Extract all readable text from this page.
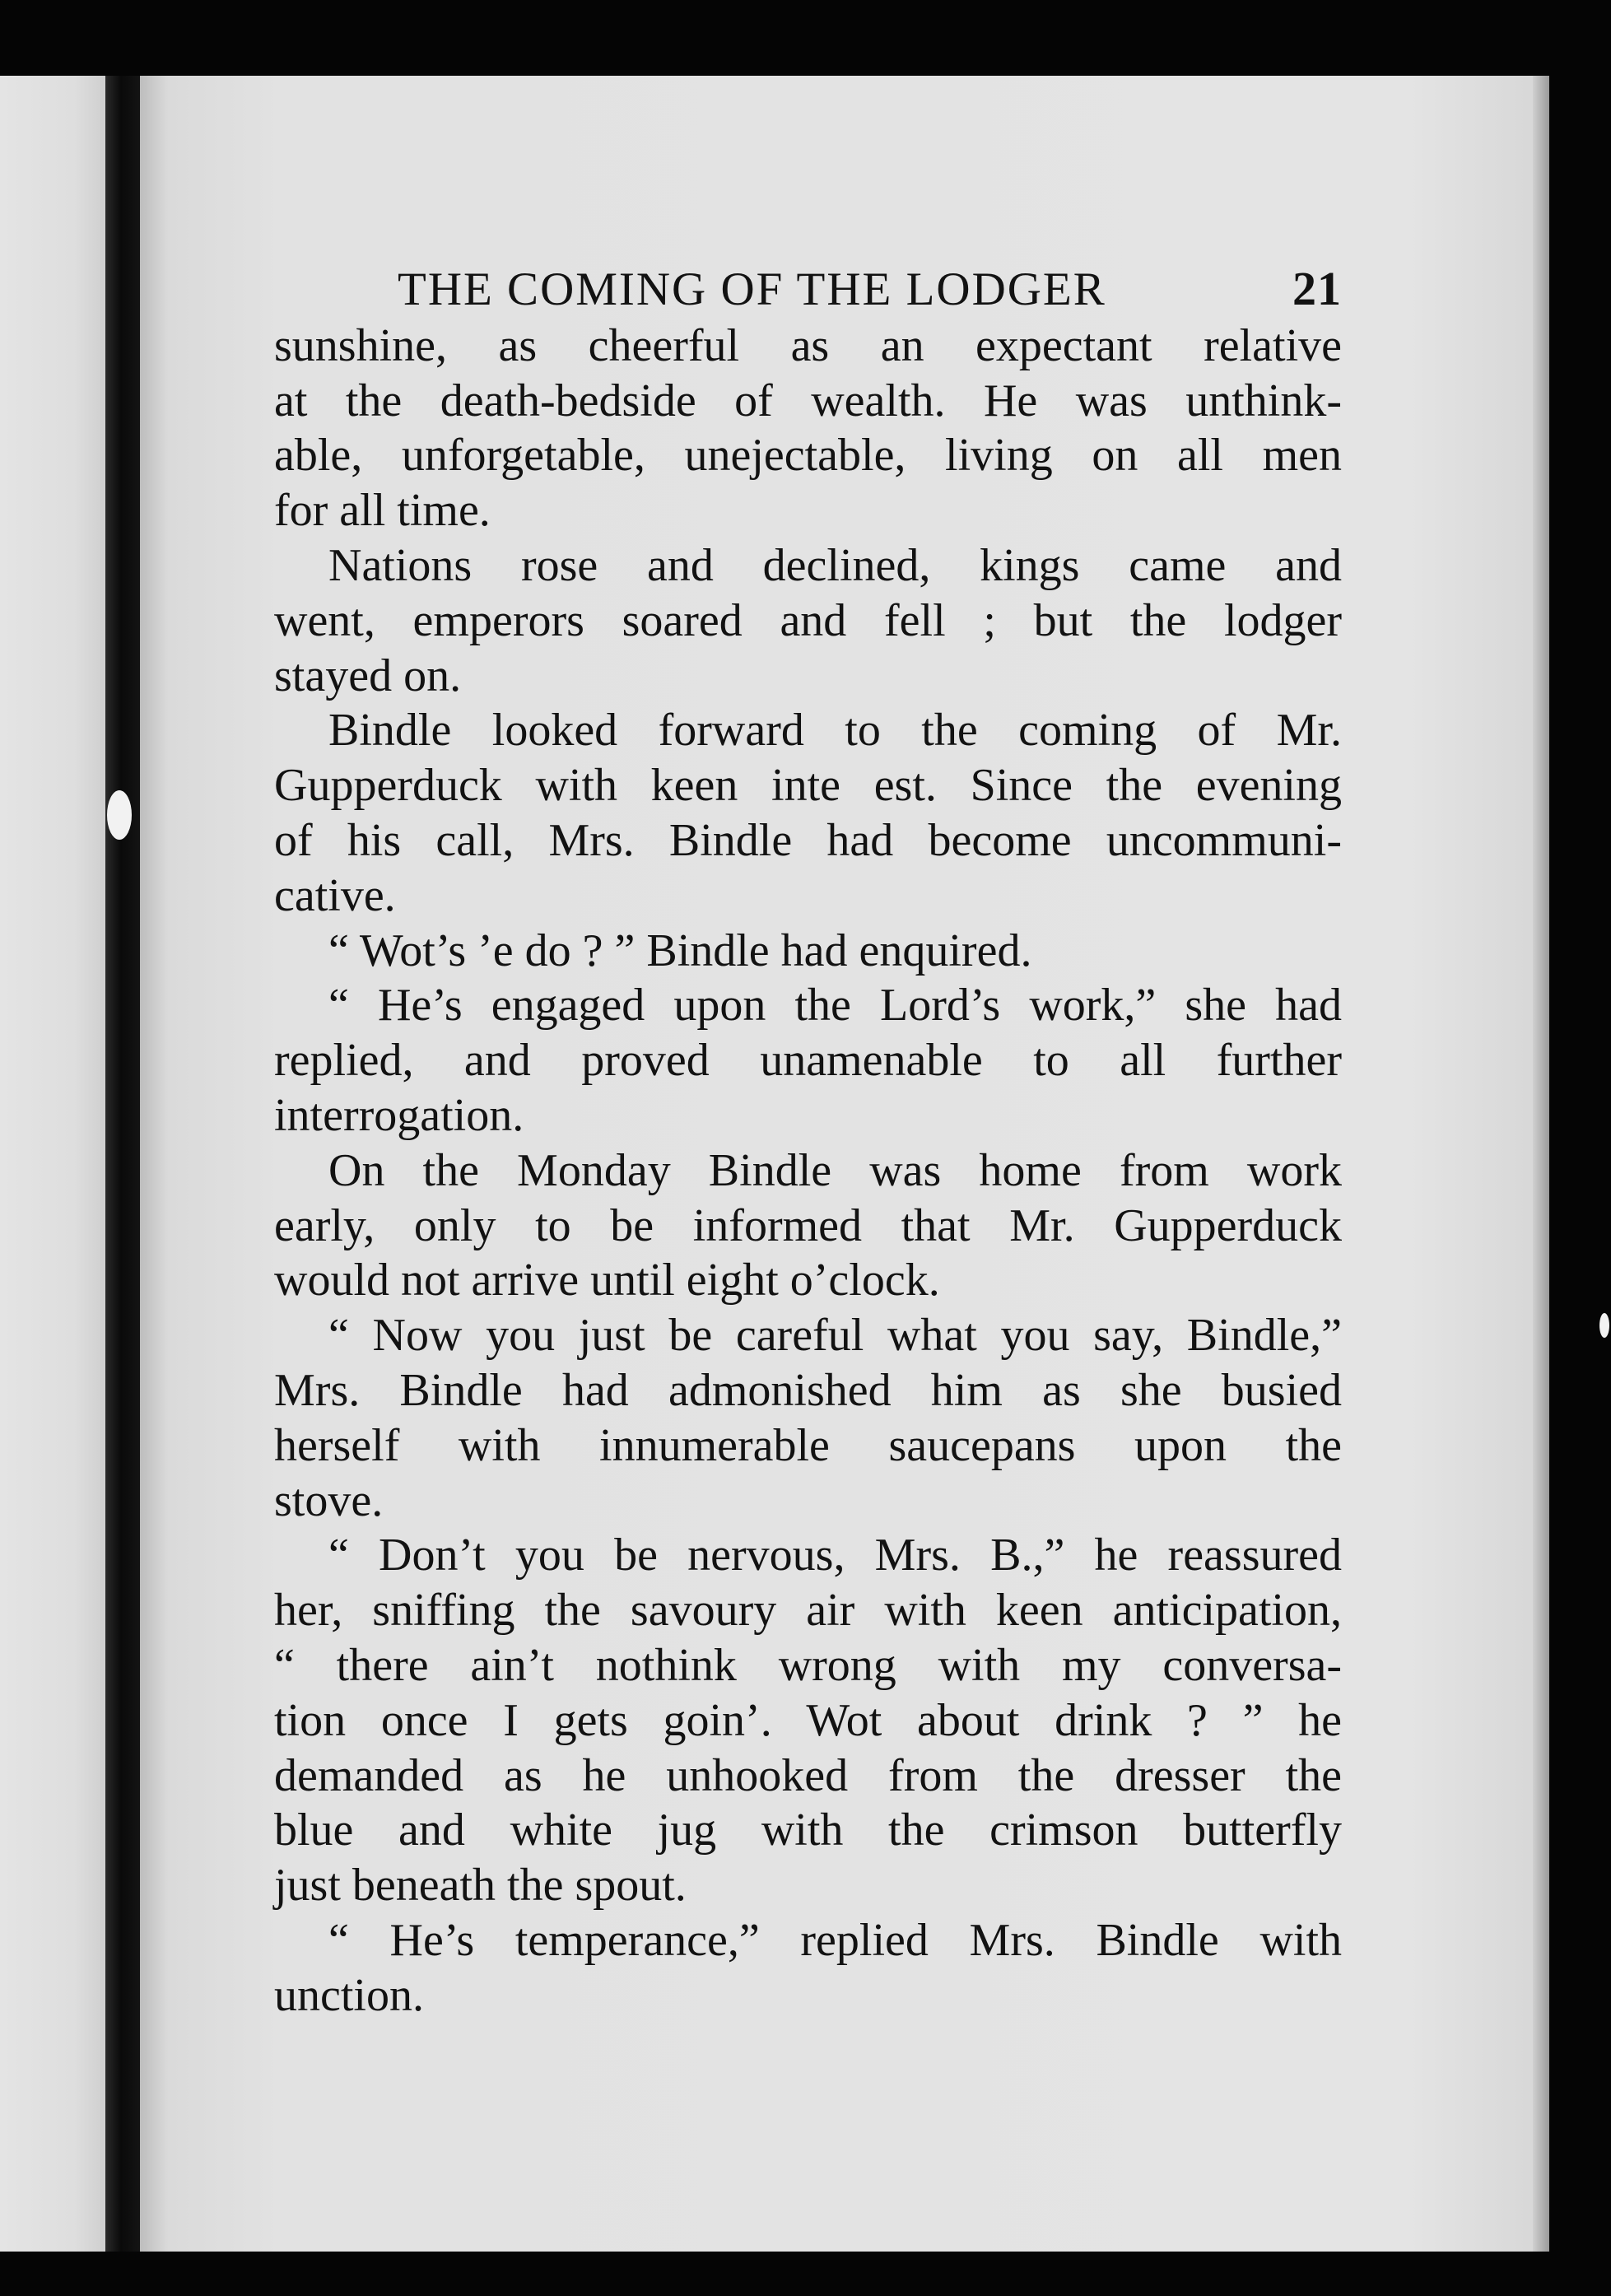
THE COMING OF THE LODGER	21
sunshine, as cheerful as an expectant relative
at the death-bedside of wealth. He was unthink-
able, unforgetable, unejectable, living on all men
for all time.
Nations rose and declined, kings came and
went, emperors soared and fell ; but the lodger
stayed on.
Bindle looked forward to the coming of Mr.
Gupperduck with keen inte est. Since the evening
of his call, Mrs. Bindle had become uncommuni-
cative.
“ Wot’s ’e do ? ” Bindle had enquired.
“ He’s engaged upon the Lord’s work,” she had
replied, and proved unamenable to all further
interrogation.
On the Monday Bindle was home from work
early, only to be informed that Mr. Gupperduck
would not arrive until eight o’clock.
“ Now you just be careful what you say, Bindle,”
Mrs. Bindle had admonished him as she busied
herself with innumerable saucepans upon the
stove.
“ Don’t you be nervous, Mrs. B.,” he reassured
her, sniffing the savoury air with keen anticipation,
“ there ain’t nothink wrong with my conversa-
tion once I gets goin’. Wot about drink ? ” he
demanded as he unhooked from the dresser the
blue and white jug with the crimson butterfly
just beneath the spout.
“ He’s temperance,” replied Mrs. Bindle with
unction.
